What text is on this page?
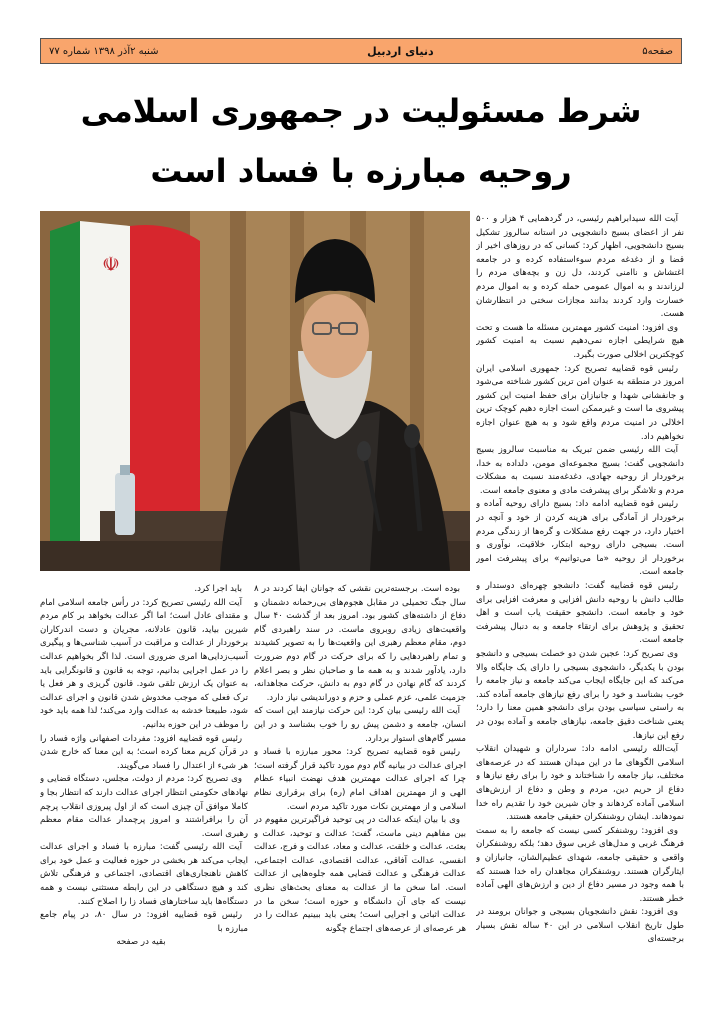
صفحه۵
دنیای اردبیل
شنبه ۲آذر ۱۳۹۸ شماره ۷۷
شرط مسئولیت در جمهوری اسلامی
روحیه مبارزه با فساد است
☫

آیت الله سیدابراهیم رئیسی، در گردهمایی ۴ هزار و ۵۰۰ نفر از اعضای بسیج دانشجویی در استانه سالروز تشکیل بسیج دانشجویی، اظهار کرد: کسانی که در روزهای اخیر از قضا و از دغدغه مردم سوءاستفاده کرده و در جامعه اغتشاش و ناامنی کردند، دل زن و بچه‌های مردم را لرزاندند و به اموال عمومی حمله کرده و به اموال مردم خسارت وارد کردند بدانند مجازات سختی در انتظارشان هست.

وی افزود: امنیت کشور مهمترین مسئله ما هست و تحت هیچ شرایطی اجازه نمی‌دهیم نسبت به امنیت کشور کوچکترین اخلالی صورت بگیرد.

رئیس قوه قضاییه تصریح کرد: جمهوری اسلامی ایران امروز در منطقه به عنوان امن ترین کشور شناخته می‌شود و جانفشانی شهدا و جانبازان برای حفظ امنیت این کشور پیشروی ما است و غیرممکن است اجازه دهیم کوچک ترین اخلالی در امنیت مردم واقع شود و به هیچ عنوان اجازه نخواهیم داد.

آیت الله رئیسی ضمن تبریک به مناسبت سالروز بسیج دانشجویی گفت: بسیج مجموعه‌ای مومن، دلداده به خدا، برخوردار از روحیه جهادی، دغدغه‌مند نسبت به مشکلات مردم و تلاشگر برای پیشرفت مادی و معنوی جامعه است.

رئیس قوه قضاییه ادامه داد: بسیج دارای روحیه آماده و برخوردار از آمادگی برای هزینه کردن از خود و آنچه در اختیار دارد، در جهت رفع مشکلات و گره‌ها از زندگی مردم است. بسیجی دارای روحیه ابتکار، خلاقیت، نوآوری و برخوردار از روحیه «ما می‌توانیم» برای پیشرفت امور جامعه است.

رئیس قوه قضاییه گفت: دانشجو چهره‌ای دوستدار و طالب دانش با روحیه دانش افزایی و معرفت افزایی برای خود و جامعه است. دانشجو حقیقت یاب است و اهل تحقیق و پژوهش برای ارتقاء جامعه و به دنبال پیشرفت جامعه است.

وی تصریح کرد: عجین شدن دو خصلت بسیجی و دانشجو بودن با یکدیگر، دانشجوی بسیجی را دارای یک جایگاه والا می‌کند که این جایگاه ایجاب می‌کند جامعه و نیاز جامعه را خوب بشناسد و خود را برای رفع نیازهای جامعه آماده کند. به راستی سیاسی بودن برای دانشجو همین معنا را دارد؛ یعنی شناخت دقیق جامعه، نیازهای جامعه و آماده بودن در رفع این نیازها.

آیت‌الله رئیسی ادامه داد: سرداران و شهیدان انقلاب اسلامی الگوهای ما در این میدان هستند که در عرصه‌های مختلف، نیاز جامعه را شناختاند و خود را برای رفع نیازها و دفاع از حریم دین، مردم و وطن و دفاع از ارزش‌های اسلامی آماده کردهاند و جان شیرین خود را تقدیم راه خدا نمودهاند. ایشان روشنفکران حقیقی جامعه هستند.

وی افزود: روشنفکر کسی نیست که جامعه را به سمت فرهنگ غربی و مدل‌های غربی سوق دهد؛ بلکه روشنفکران واقعی و حقیقی جامعه، شهدای عظیم‌الشان، جانبازان و ایثارگران هستند. روشنفکران مجاهدان راه خدا هستند که با همه وجود در مسیر دفاع از دین و ارزش‌های الهی آماده خطر هستند.

وی افزود: نقش دانشجویان بسیجی و جوانان برومند در طول تاریخ انقلاب اسلامی در این ۴۰ ساله نقش بسیار برجسته‌ای

بوده است. برجسته‌ترین نقشی که جوانان ایفا کردند در ۸ سال جنگ تحمیلی در مقابل هجوم‌های بی‌رحمانه دشمنان و دفاع از داشته‌های کشور بود. امروز بعد از گذشت ۴۰ سال واقعیت‌های زیادی روبروی ماست. در سند راهبردی گام دوم، مقام معظم رهبری این واقعیت‌ها را به تصویر کشیدند و تمام راهبردهایی را که برای حرکت در گام دوم ضرورت دارد، یادآور شدند و به همه ما و صاحبان نظر و بصر اعلام کردند که گام نهادن در گام دوم به دانش، حرکت مجاهدانه، جزمیت علمی، عزم عملی و حزم و دوراندیشی نیاز دارد.

آیت الله رئیسی بیان کرد: این حرکت نیازمند این است که انسان، جامعه و دشمن پیش رو را خوب بشناسد و در این مسیر گام‌های استوار بردارد.

رئیس قوه قضاییه تصریح کرد: محور مبارزه با فساد و اجرای عدالت در بیانیه گام دوم مورد تاکید قرار گرفته است؛ چرا که اجرای عدالت مهمترین هدف نهضت انبیاء عظام الهی و از مهمترین اهداف امام (ره) برای برقراری نظام اسلامی و از مهمترین نکات مورد تاکید مردم است.

وی با بیان اینکه عدالت در پی توحید فراگیرترین مفهوم در بین مفاهیم دینی ماست، گفت: عدالت و توحید، عدالت و بعثت، عدالت و خلقت، عدالت و معاد، عدالت و فرج، عدالت انفسی، عدالت آفاقی، عدالت اقتصادی، عدالت اجتماعی، عدالت فرهنگی و عدالت قضایی همه جلوه‌هایی از عدالت است. اما سخن ما از عدالت به معنای بحث‌های نظری نیست که جای آن دانشگاه و حوزه است؛ سخن ما در عدالت اثباتی و اجرایی است؛ یعنی باید ببینیم عدالت را در هر عرصه‌ای از عرصه‌های اجتماع چگونه

باید اجرا کرد.

آیت الله رئیسی تصریح کرد: در رأس جامعه اسلامی امام و مقتدای عادل است؛ اما اگر عدالت بخواهد بر کام مردم شیرین بیاید، قانون عادلانه، مجریان و دست اندرکاران برخوردار از عدالت و مراقبت در آسیب شناسی‌ها و پیگیری آسیب‌زدایی‌ها امری ضروری است. لذا اگر بخواهیم عدالت را در عمل اجرایی بدانیم، توجه به قانون و قانونگرایی باید به عنوان یک ارزش تلقی شود. قانون گریزی و هر فعل یا ترک فعلی که موجب مخدوش شدن قانون و اجرای عدالت شود، طبیعتا خدشه به عدالت وارد می‌کند؛ لذا همه باید خود را موظف در این حوزه بدانیم.

رئیس قوه قضاییه افزود: مفردات اصفهانی واژه فساد را در قرآن کریم معنا کرده است؛ به این معنا که خارج شدن هر شیء از اعتدال را فساد می‌گویند.

وی تصریح کرد: مردم از دولت، مجلس، دستگاه قضایی و نهادهای حکومتی انتظار اجرای عدالت دارند که انتظار بجا و کاملا موافق آن چیزی است که از اول پیروزی انقلاب پرچم آن را برافراشتند و امروز پرچمدار عدالت مقام معظم رهبری است.

آیت الله رئیسی گفت: مبارزه با فساد و اجرای عدالت ایجاب می‌کند هر بخشی در حوزه فعالیت و عمل خود برای کاهش ناهنجاری‌های اقتصادی، اجتماعی و فرهنگی تلاش کند و هیچ دستگاهی در این رابطه مستثنی نیست و همه دستگاه‌ها باید ساختارهای فساد زا را اصلاح کنند.

رئیس قوه قضاییه افزود: در سال ۸۰، در پیام جامع مبارزه با

بقیه در صفحه
